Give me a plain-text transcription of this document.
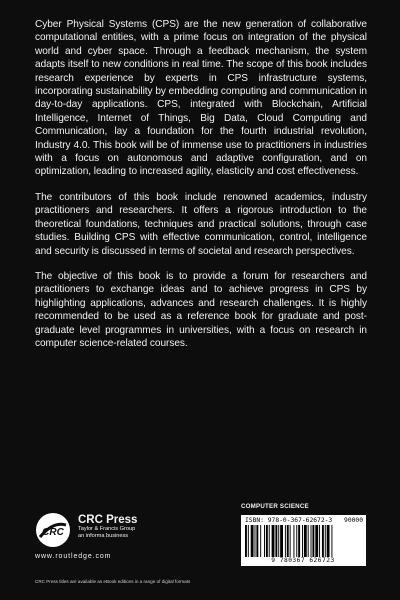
Cyber Physical Systems (CPS) are the new generation of collaborative computational entities, with a prime focus on integration of the physical world and cyber space. Through a feedback mechanism, the system adapts itself to new conditions in real time. The scope of this book includes research experience by experts in CPS infrastructure systems, incorporating sustainability by embedding computing and communication in day-to-day applications. CPS, integrated with Blockchain, Artificial Intelligence, Internet of Things, Big Data, Cloud Computing and Communication, lay a foundation for the fourth industrial revolution, Industry 4.0. This book will be of immense use to practitioners in industries with a focus on autonomous and adaptive configuration, and on optimization, leading to increased agility, elasticity and cost effectiveness.

The contributors of this book include renowned academics, industry practitioners and researchers. It offers a rigorous introduction to the theoretical foundations, techniques and practical solutions, through case studies. Building CPS with effective communication, control, intelligence and security is discussed in terms of societal and research perspectives.

The objective of this book is to provide a forum for researchers and practitioners to exchange ideas and to achieve progress in CPS by highlighting applications, advances and research challenges. It is highly recommended to be used as a reference book for graduate and post-graduate level programmes in universities, with a focus on research in computer science-related courses.

CRC
CRC Press
Taylor & Francis Group
an informa business
www.routledge.com
CRC Press titles are available as eBook editions in a range of digital formats
COMPUTER SCIENCE
ISBN: 978-0-367-62672-3 90000
9 780367 626723
